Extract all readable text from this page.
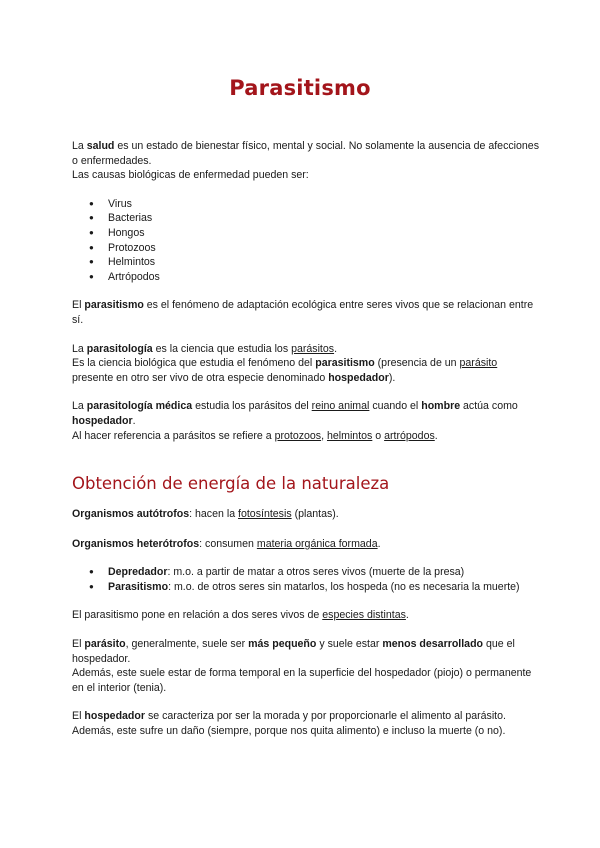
Parasitismo

La salud es un estado de bienestar físico, mental y social. No solamente la ausencia de afecciones o enfermedades.
Las causas biológicas de enfermedad pueden ser:

● Virus
● Bacterias
● Hongos
● Protozoos
● Helmintos
● Artrópodos

El parasitismo es el fenómeno de adaptación ecológica entre seres vivos que se relacionan entre sí.

La parasitología es la ciencia que estudia los parásitos.
Es la ciencia biológica que estudia el fenómeno del parasitismo (presencia de un parásito presente en otro ser vivo de otra especie denominado hospedador).

La parasitología médica estudia los parásitos del reino animal cuando el hombre actúa como hospedador.
Al hacer referencia a parásitos se refiere a protozoos, helmintos o artrópodos.

Obtención de energía de la naturaleza

Organismos autótrofos: hacen la fotosíntesis (plantas).

Organismos heterótrofos: consumen materia orgánica formada.

● Depredador: m.o. a partir de matar a otros seres vivos (muerte de la presa)
● Parasitismo: m.o. de otros seres sin matarlos, los hospeda (no es necesaria la muerte)

El parasitismo pone en relación a dos seres vivos de especies distintas.

El parásito, generalmente, suele ser más pequeño y suele estar menos desarrollado que el hospedador.
Además, este suele estar de forma temporal en la superficie del hospedador (piojo) o permanente en el interior (tenia).

El hospedador se caracteriza por ser la morada y por proporcionarle el alimento al parásito.
Además, este sufre un daño (siempre, porque nos quita alimento) e incluso la muerte (o no).
